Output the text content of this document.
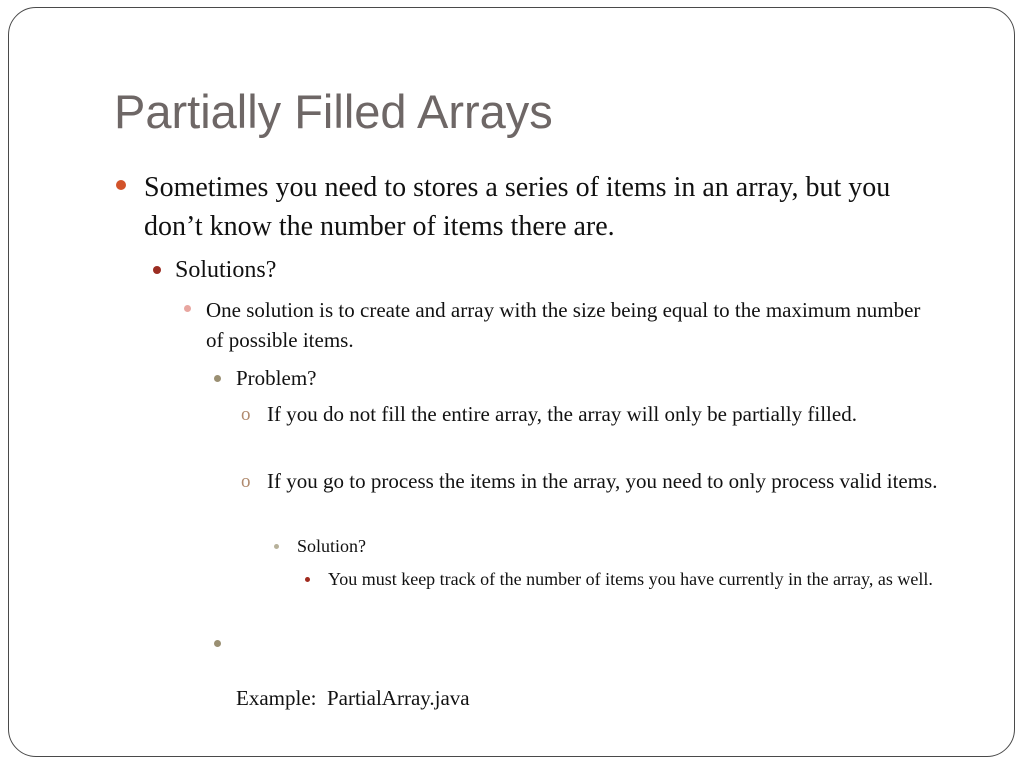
Partially Filled Arrays

Sometimes you need to stores a series of items in an array, but you don’t know the number of items there are.

Solutions?

One solution is to create and array with the size being equal to the maximum number of possible items.

Problem?

o If you do not fill the entire array, the array will only be partially filled.

o If you go to process the items in the array, you need to only process valid items.

Solution?

You must keep track of the number of items you have currently in the array, as well.

Example:  PartialArray.java
